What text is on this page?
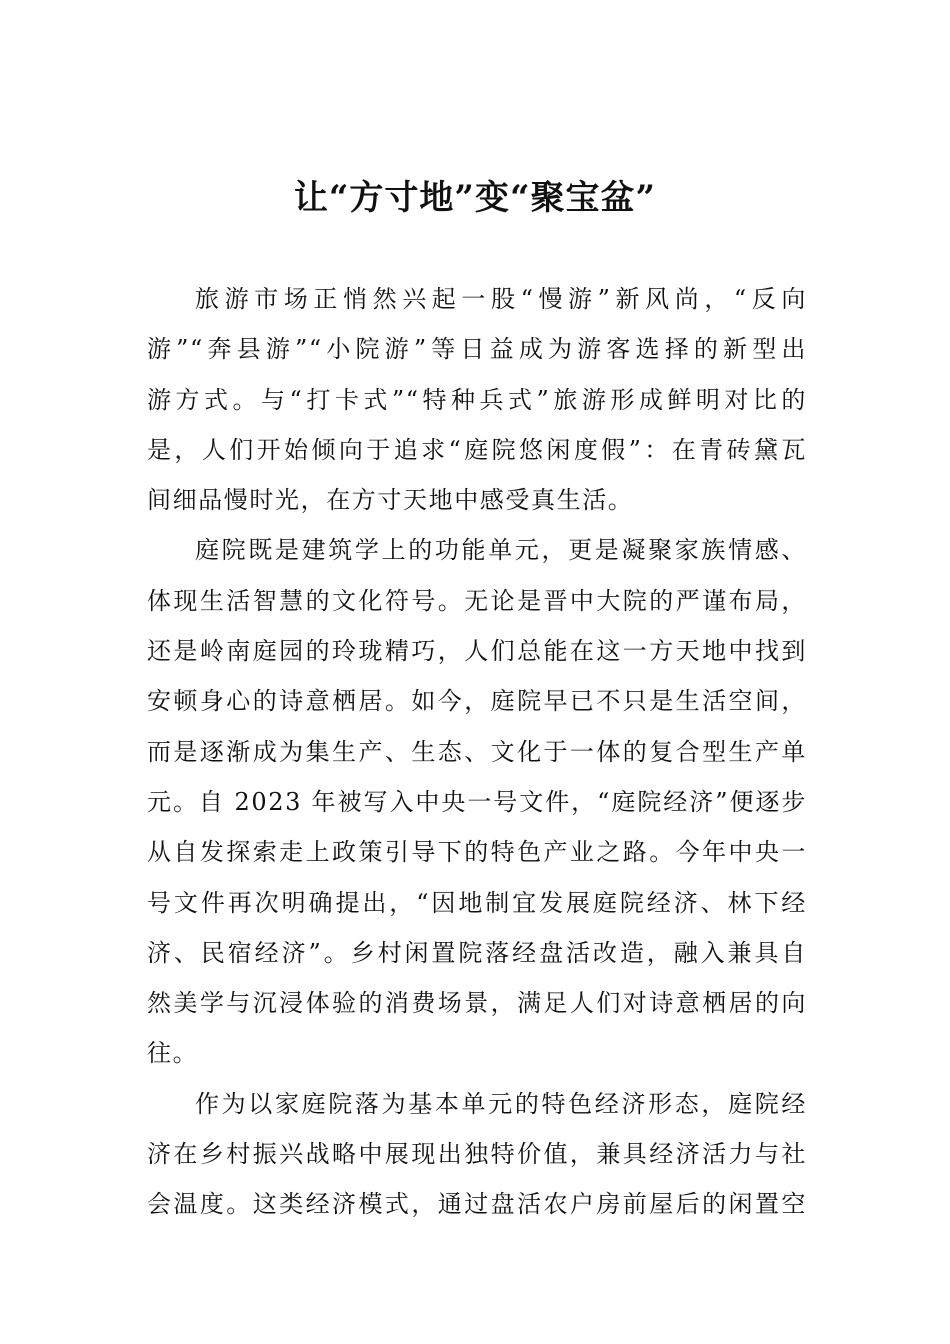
让“方寸地”变“聚宝盆”
旅游市场正悄然兴起一股“慢游”新风尚，“反向
游”“奔县游”“小院游”等日益成为游客选择的新型出
游方式。与“打卡式”“特种兵式”旅游形成鲜明对比的
是，人们开始倾向于追求“庭院悠闲度假”：在青砖黛瓦
间细品慢时光，在方寸天地中感受真生活。
庭院既是建筑学上的功能单元，更是凝聚家族情感、
体现生活智慧的文化符号。无论是晋中大院的严谨布局，
还是岭南庭园的玲珑精巧，人们总能在这一方天地中找到
安顿身心的诗意栖居。如今，庭院早已不只是生活空间，
而是逐渐成为集生产、生态、文化于一体的复合型生产单
元。自 2023 年被写入中央一号文件，“庭院经济”便逐步
从自发探索走上政策引导下的特色产业之路。今年中央一
号文件再次明确提出，“因地制宜发展庭院经济、林下经
济、民宿经济”。乡村闲置院落经盘活改造，融入兼具自
然美学与沉浸体验的消费场景，满足人们对诗意栖居的向
往。
作为以家庭院落为基本单元的特色经济形态，庭院经
济在乡村振兴战略中展现出独特价值，兼具经济活力与社
会温度。这类经济模式，通过盘活农户房前屋后的闲置空
